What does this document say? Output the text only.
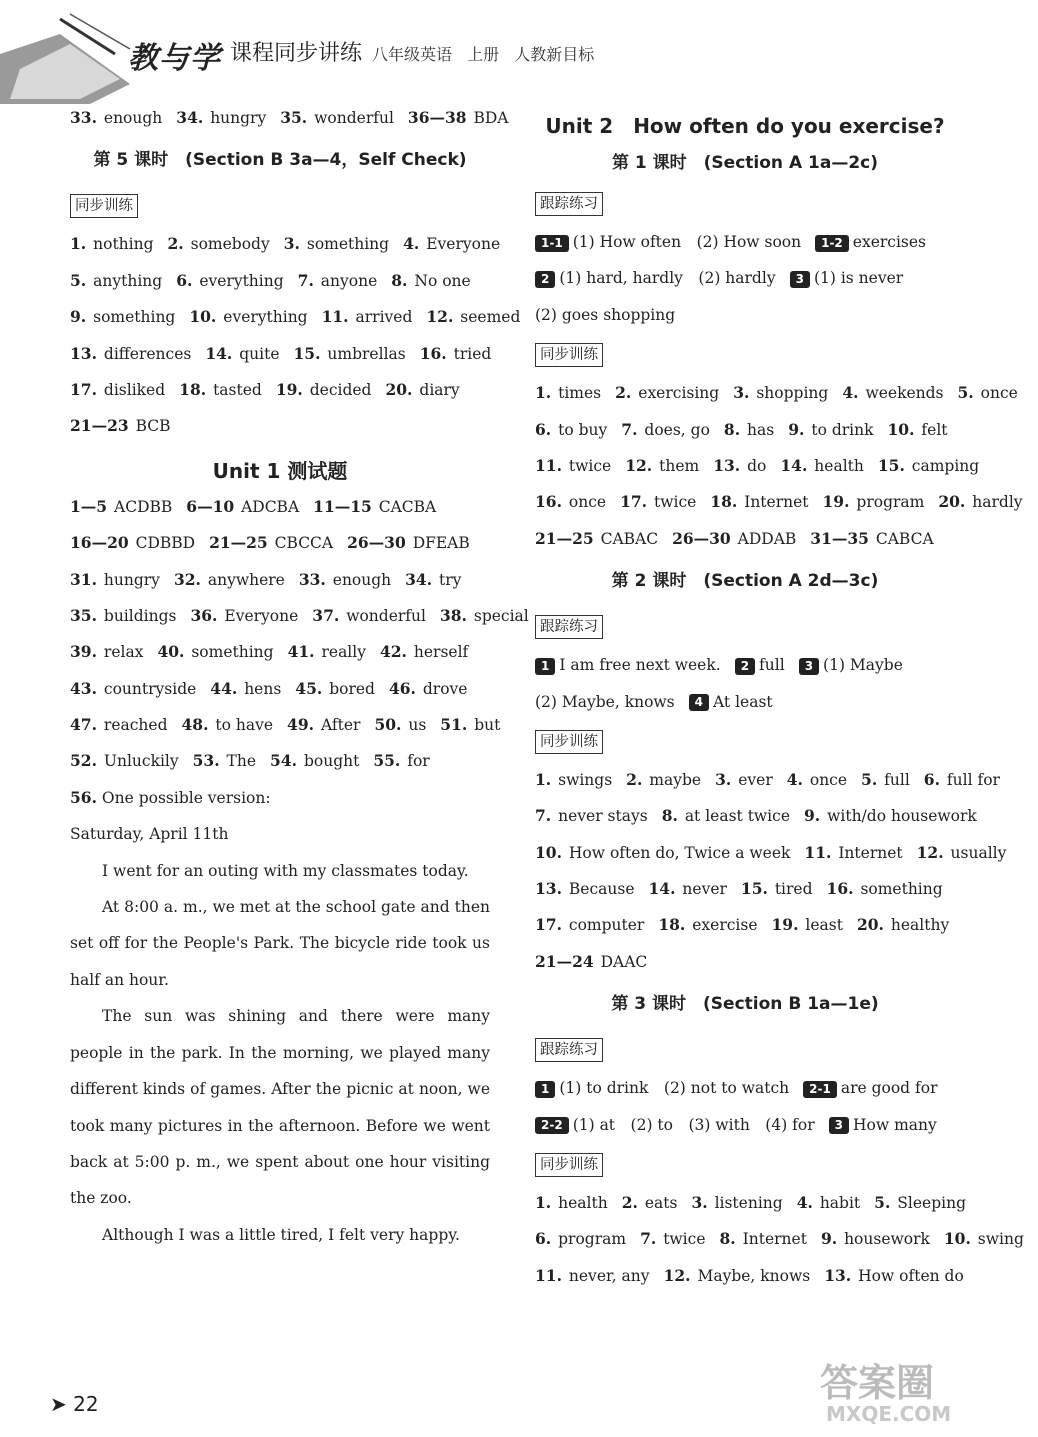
教与学 课程同步讲练 八年级英语 上册 人教新目标
33. enough 34. hungry 35. wonderful 36—38 BDA
第 5 课时　(Section B 3a—4，Self Check)
同步训练
1. nothing 2. somebody 3. something 4. Everyone
5. anything 6. everything 7. anyone 8. No one
9. something 10. everything 11. arrived 12. seemed
13. differences 14. quite 15. umbrellas 16. tried
17. disliked 18. tasted 19. decided 20. diary
21—23 BCB
Unit 1 测试题
1—5 ACDBB 6—10 ADCBA 11—15 CACBA
16—20 CDBBD 21—25 CBCCA 26—30 DFEAB
31. hungry 32. anywhere 33. enough 34. try
35. buildings 36. Everyone 37. wonderful 38. special
39. relax 40. something 41. really 42. herself
43. countryside 44. hens 45. bored 46. drove
47. reached 48. to have 49. After 50. us 51. but
52. Unluckily 53. The 54. bought 55. for
56. One possible version:
Saturday, April 11th
I went for an outing with my classmates today.
At 8:00 a. m., we met at the school gate and then set off for the People's Park. The bicycle ride took us half an hour.
The sun was shining and there were many people in the park. In the morning, we played many different kinds of games. After the picnic at noon, we took many pictures in the afternoon. Before we went back at 5:00 p. m., we spent about one hour visiting the zoo.
Although I was a little tired, I felt very happy.
Unit 2　How often do you exercise?
第 1 课时　(Section A 1a—2c)
跟踪练习
1-1 (1) How often　(2) How soon 1-2 exercises
2 (1) hard, hardly　(2) hardly 3 (1) is never
(2) goes shopping
同步训练
1. times 2. exercising 3. shopping 4. weekends 5. once
6. to buy 7. does, go 8. has 9. to drink 10. felt
11. twice 12. them 13. do 14. health 15. camping
16. once 17. twice 18. Internet 19. program 20. hardly
21—25 CABAC 26—30 ADDAB 31—35 CABCA
第 2 课时　(Section A 2d—3c)
跟踪练习
1 I am free next week. 2 full 3 (1) Maybe
(2) Maybe, knows 4 At least
同步训练
1. swings 2. maybe 3. ever 4. once 5. full 6. full for
7. never stays 8. at least twice 9. with/do housework
10. How often do, Twice a week 11. Internet 12. usually
13. Because 14. never 15. tired 16. something
17. computer 18. exercise 19. least 20. healthy
21—24 DAAC
第 3 课时　(Section B 1a—1e)
跟踪练习
1 (1) to drink　(2) not to watch 2-1 are good for
2-2 (1) at　(2) to　(3) with　(4) for 3 How many
同步训练
1. health 2. eats 3. listening 4. habit 5. Sleeping
6. program 7. twice 8. Internet 9. housework 10. swing
11. never, any 12. Maybe, knows 13. How often do
➤ 22	答案圈
MXQE.COM
